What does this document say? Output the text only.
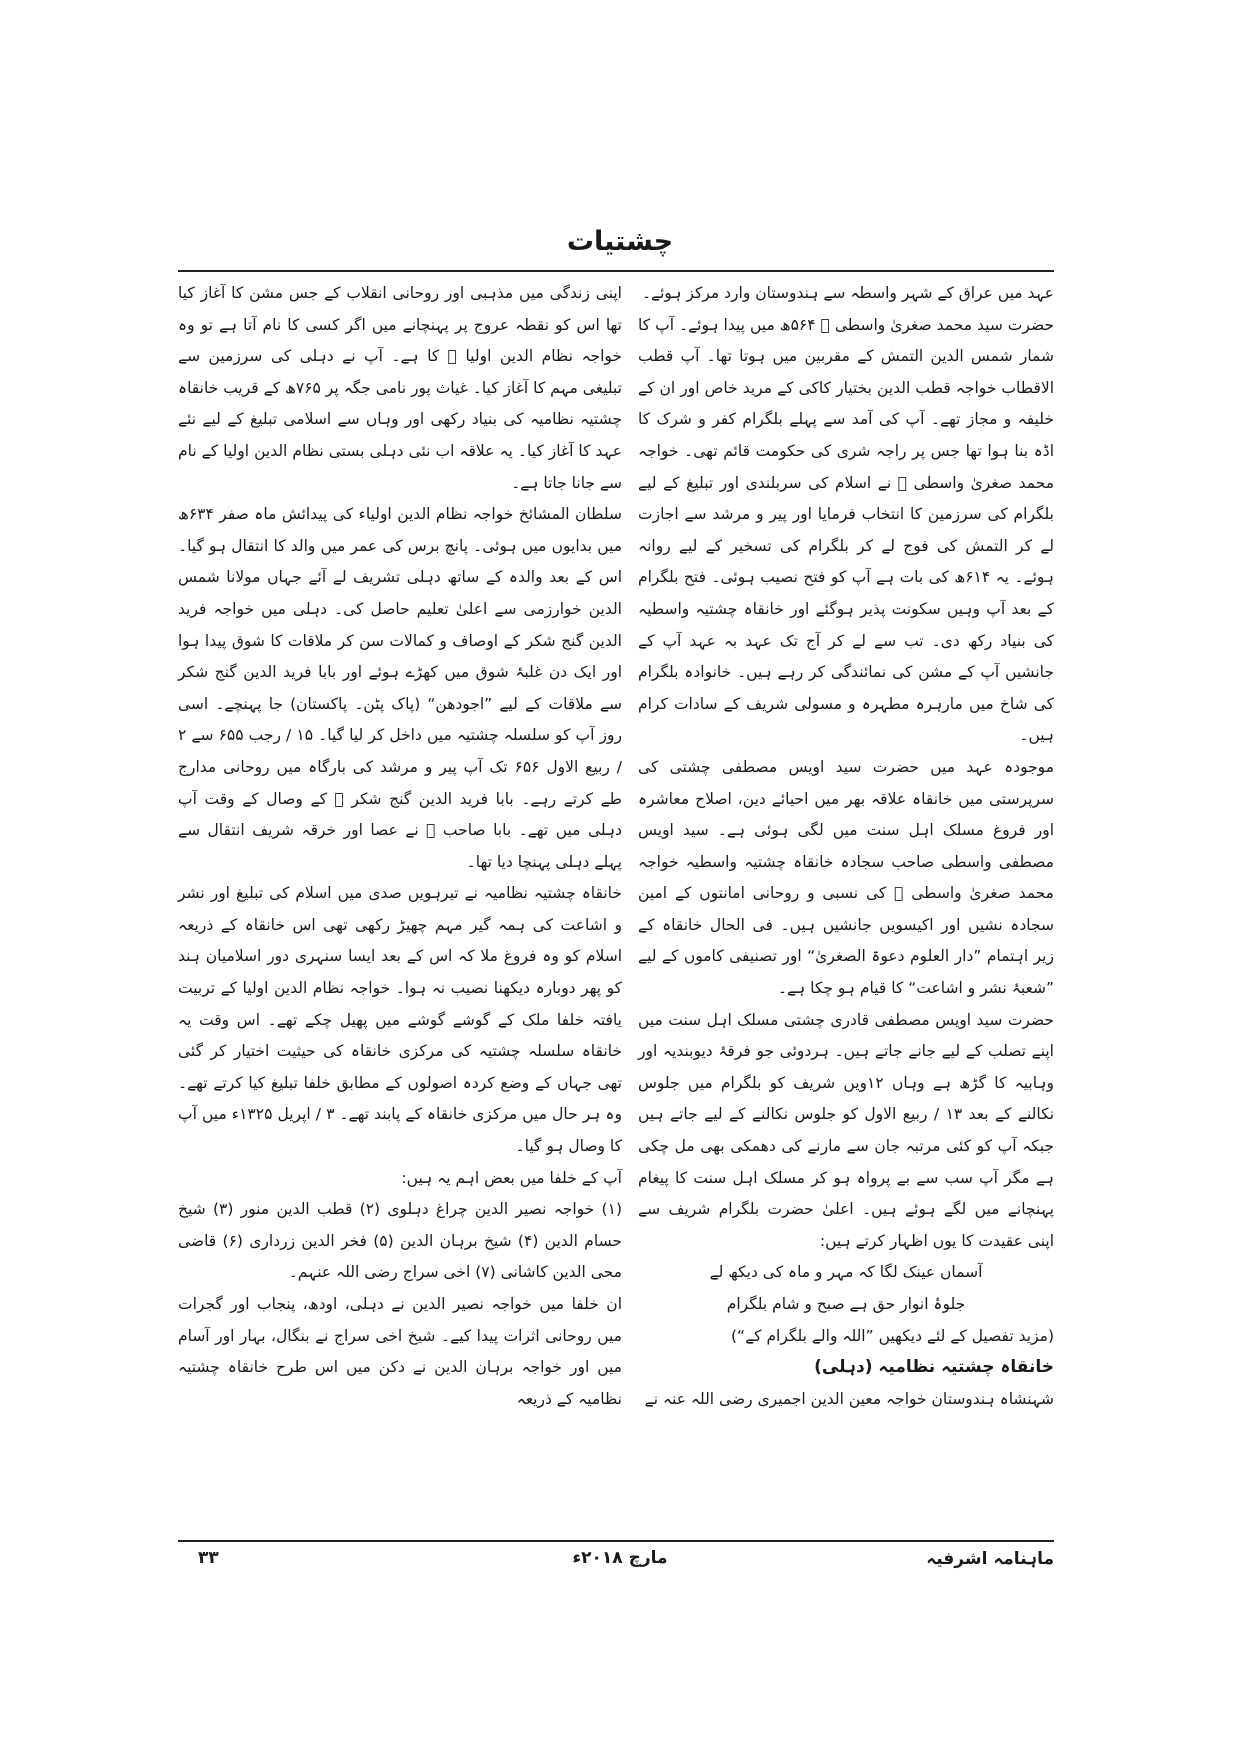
چشتیات

عہد میں عراق کے شہر واسطہ سے ہندوستان وارد مرکز ہوئے۔

حضرت سید محمد صغریٰ واسطی ﷫ ۵۶۴ھ میں پیدا ہوئے۔ آپ کا شمار شمس الدین التمش کے مقربین میں ہوتا تھا۔ آپ قطب الاقطاب خواجہ قطب الدین بختیار کاکی کے مرید خاص اور ان کے خلیفہ و مجاز تھے۔ آپ کی آمد سے پہلے بلگرام کفر و شرک کا اڈہ بنا ہوا تھا جس پر راجہ شری کی حکومت قائم تھی۔ خواجہ محمد صغریٰ واسطی ﷫ نے اسلام کی سربلندی اور تبلیغ کے لیے بلگرام کی سرزمین کا انتخاب فرمایا اور پیر و مرشد سے اجازت لے کر التمش کی فوج لے کر بلگرام کی تسخیر کے لیے روانہ ہوئے۔ یہ ۶۱۴ھ کی بات ہے آپ کو فتح نصیب ہوئی۔ فتح بلگرام کے بعد آپ وہیں سکونت پذیر ہوگئے اور خانقاہ چشتیہ واسطیہ کی بنیاد رکھ دی۔ تب سے لے کر آج تک عہد بہ عہد آپ کے جانشیں آپ کے مشن کی نمائندگی کر رہے ہیں۔ خانوادہ بلگرام کی شاخ میں مارہرہ مطہرہ و مسولی شریف کے سادات کرام ہیں۔

موجودہ عہد میں حضرت سید اویس مصطفی چشتی کی سرپرستی میں خانقاہ علاقہ بھر میں احیائے دین، اصلاح معاشرہ اور فروغ مسلک اہل سنت میں لگی ہوئی ہے۔ سید اویس مصطفی واسطی صاحب سجادہ خانقاہ چشتیہ واسطیہ خواجہ محمد صغریٰ واسطی ﷫ کی نسبی و روحانی امانتوں کے امین سجادہ نشیں اور اکیسویں جانشیں ہیں۔ فی الحال خانقاہ کے زیر اہتمام ”دار العلوم دعوۃ الصغریٰ“ اور تصنیفی کاموں کے لیے ”شعبۂ نشر و اشاعت“ کا قیام ہو چکا ہے۔

حضرت سید اویس مصطفی قادری چشتی مسلک اہل سنت میں اپنے تصلب کے لیے جانے جاتے ہیں۔ ہردوئی جو فرقۂ دیوبندیہ اور وہابیہ کا گڑھ ہے وہاں ۱۲ویں شریف کو بلگرام میں جلوس نکالنے کے بعد ۱۳ / ربیع الاول کو جلوس نکالنے کے لیے جاتے ہیں جبکہ آپ کو کئی مرتبہ جان سے مارنے کی دھمکی بھی مل چکی ہے مگر آپ سب سے بے پرواہ ہو کر مسلک اہل سنت کا پیغام پہنچانے میں لگے ہوئے ہیں۔ اعلیٰ حضرت بلگرام شریف سے اپنی عقیدت کا یوں اظہار کرتے ہیں:

آسماں عینک لگا کہ مہر و ماہ کی دیکھ لے

جلوۂ انوار حق ہے صبح و شام بلگرام

(مزید تفصیل کے لئے دیکھیں ”اللہ والے بلگرام کے“)

خانقاہ چشتیہ نظامیہ (دہلی)

شہنشاہ ہندوستان خواجہ معین الدین اجمیری رضی اللہ عنہ نے

اپنی زندگی میں مذہبی اور روحانی انقلاب کے جس مشن کا آغاز کیا تھا اس کو نقطہ عروج پر پہنچانے میں اگر کسی کا نام آتا ہے تو وہ خواجہ نظام الدین اولیا ﷫ کا ہے۔ آپ نے دہلی کی سرزمین سے تبلیغی مہم کا آغاز کیا۔ غیاث پور نامی جگہ پر ۷۶۵ھ کے قریب خانقاہ چشتیہ نظامیہ کی بنیاد رکھی اور وہاں سے اسلامی تبلیغ کے لیے نئے عہد کا آغاز کیا۔ یہ علاقہ اب نئی دہلی بستی نظام الدین اولیا کے نام سے جانا جاتا ہے۔

سلطان المشائخ خواجہ نظام الدین اولیاء کی پیدائش ماہ صفر ۶۳۴ھ میں بدایوں میں ہوئی۔ پانچ برس کی عمر میں والد کا انتقال ہو گیا۔ اس کے بعد والدہ کے ساتھ دہلی تشریف لے آئے جہاں مولانا شمس الدین خوارزمی سے اعلیٰ تعلیم حاصل کی۔ دہلی میں خواجہ فرید الدین گنج شکر کے اوصاف و کمالات سن کر ملاقات کا شوق پیدا ہوا اور ایک دن غلبۂ شوق میں کھڑے ہوئے اور بابا فرید الدین گنج شکر سے ملاقات کے لیے ”اجودھن“ (پاک پٹن۔ پاکستان) جا پہنچے۔ اسی روز آپ کو سلسلہ چشتیہ میں داخل کر لیا گیا۔ ۱۵ / رجب ۶۵۵ سے ۲ / ربیع الاول ۶۵۶ تک آپ پیر و مرشد کی بارگاہ میں روحانی مدارج طے کرتے رہے۔ بابا فرید الدین گنج شکر ﷫ کے وصال کے وقت آپ دہلی میں تھے۔ بابا صاحب ﷫ نے عصا اور خرقہ شریف انتقال سے پہلے دہلی پہنچا دیا تھا۔

خانقاہ چشتیہ نظامیہ نے تیرہویں صدی میں اسلام کی تبلیغ اور نشر و اشاعت کی ہمہ گیر مہم چھیڑ رکھی تھی اس خانقاہ کے ذریعہ اسلام کو وہ فروغ ملا کہ اس کے بعد ایسا سنہری دور اسلامیان ہند کو پھر دوبارہ دیکھنا نصیب نہ ہوا۔ خواجہ نظام الدین اولیا کے تربیت یافتہ خلفا ملک کے گوشے گوشے میں پھیل چکے تھے۔ اس وقت یہ خانقاہ سلسلہ چشتیہ کی مرکزی خانقاہ کی حیثیت اختیار کر گئی تھی جہاں کے وضع کردہ اصولوں کے مطابق خلفا تبلیغ کیا کرتے تھے۔ وہ ہر حال میں مرکزی خانقاہ کے پابند تھے۔ ۳ / اپریل ۱۳۲۵ء میں آپ کا وصال ہو گیا۔

آپ کے خلفا میں بعض اہم یہ ہیں:

(۱) خواجہ نصیر الدین چراغ دہلوی (۲) قطب الدین منور (۳) شیخ حسام الدین (۴) شیخ برہان الدین (۵) فخر الدین زرداری (۶) قاضی محی الدین کاشانی (۷) اخی سراج رضی اللہ عنہم۔

ان خلفا میں خواجہ نصیر الدین نے دہلی، اودھ، پنجاب اور گجرات میں روحانی اثرات پیدا کیے۔ شیخ اخی سراج نے بنگال، بہار اور آسام میں اور خواجہ برہان الدین نے دکن میں اس طرح خانقاہ چشتیہ نظامیہ کے ذریعہ

ماہنامہ اشرفیہ
مارچ ۲۰۱۸ء
۳۳
